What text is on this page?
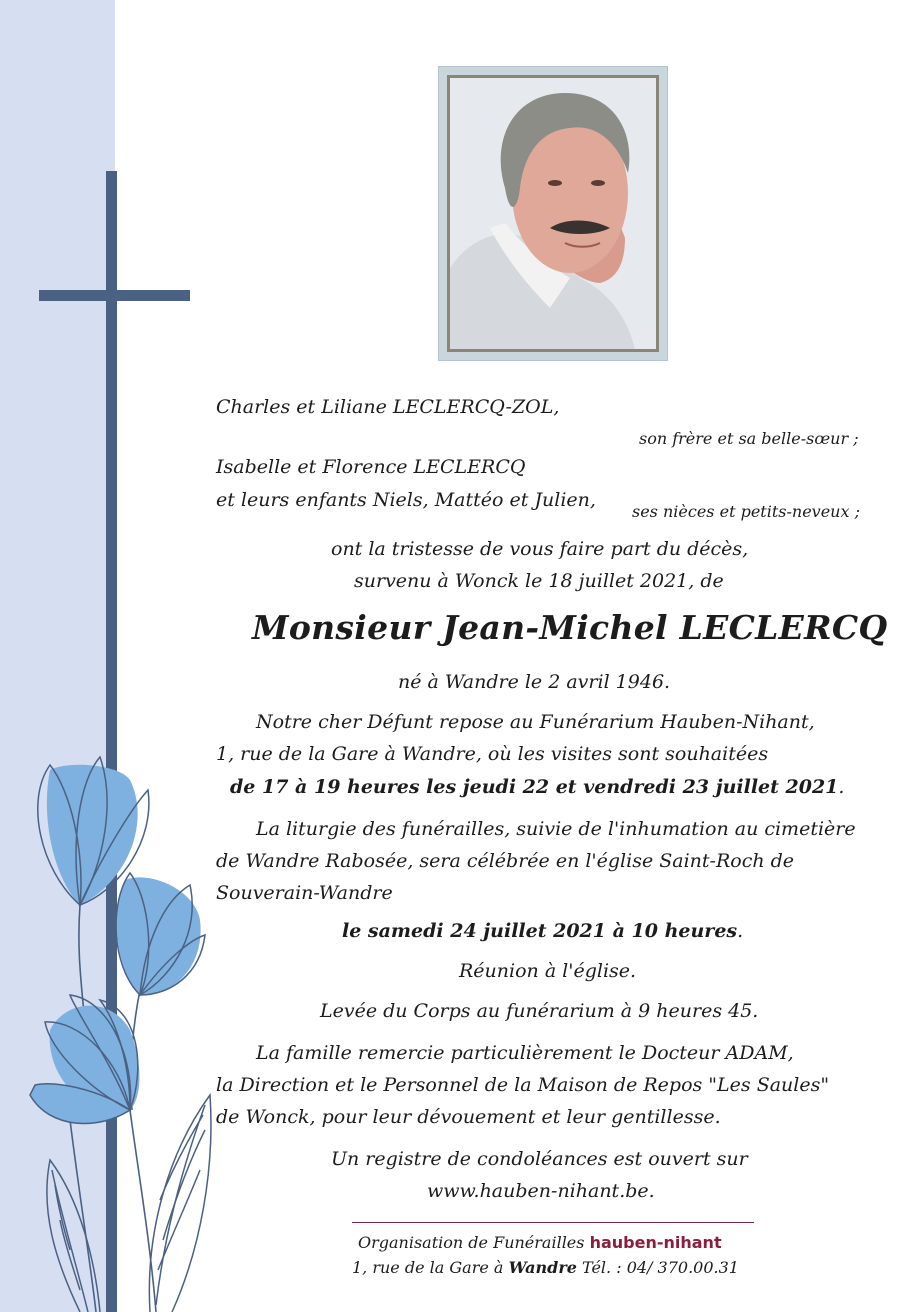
Charles et Liliane LECLERCQ-ZOL,
son frère et sa belle-sœur ;
Isabelle et Florence LECLERCQ
et leurs enfants Niels, Mattéo et Julien,
ses nièces et petits-neveux ;
ont la tristesse de vous faire part du décès,
survenu à Wonck le 18 juillet 2021, de
Monsieur Jean-Michel LECLERCQ
né à Wandre le 2 avril 1946.
Notre cher Défunt repose au Funérarium Hauben-Nihant,
1, rue de la Gare à Wandre, où les visites sont souhaitées
de 17 à 19 heures les jeudi 22 et vendredi 23 juillet 2021.
La liturgie des funérailles, suivie de l'inhumation au cimetière
de Wandre Rabosée, sera célébrée en l'église Saint-Roch de
Souverain-Wandre
le samedi 24 juillet 2021 à 10 heures.
Réunion à l'église.
Levée du Corps au funérarium à 9 heures 45.
La famille remercie particulièrement le Docteur ADAM,
la Direction et le Personnel de la Maison de Repos "Les Saules"
de Wonck, pour leur dévouement et leur gentillesse.
Un registre de condoléances est ouvert sur
www.hauben-nihant.be.
Organisation de Funérailles hauben-nihant
1, rue de la Gare à Wandre Tél. : 04/ 370.00.31
